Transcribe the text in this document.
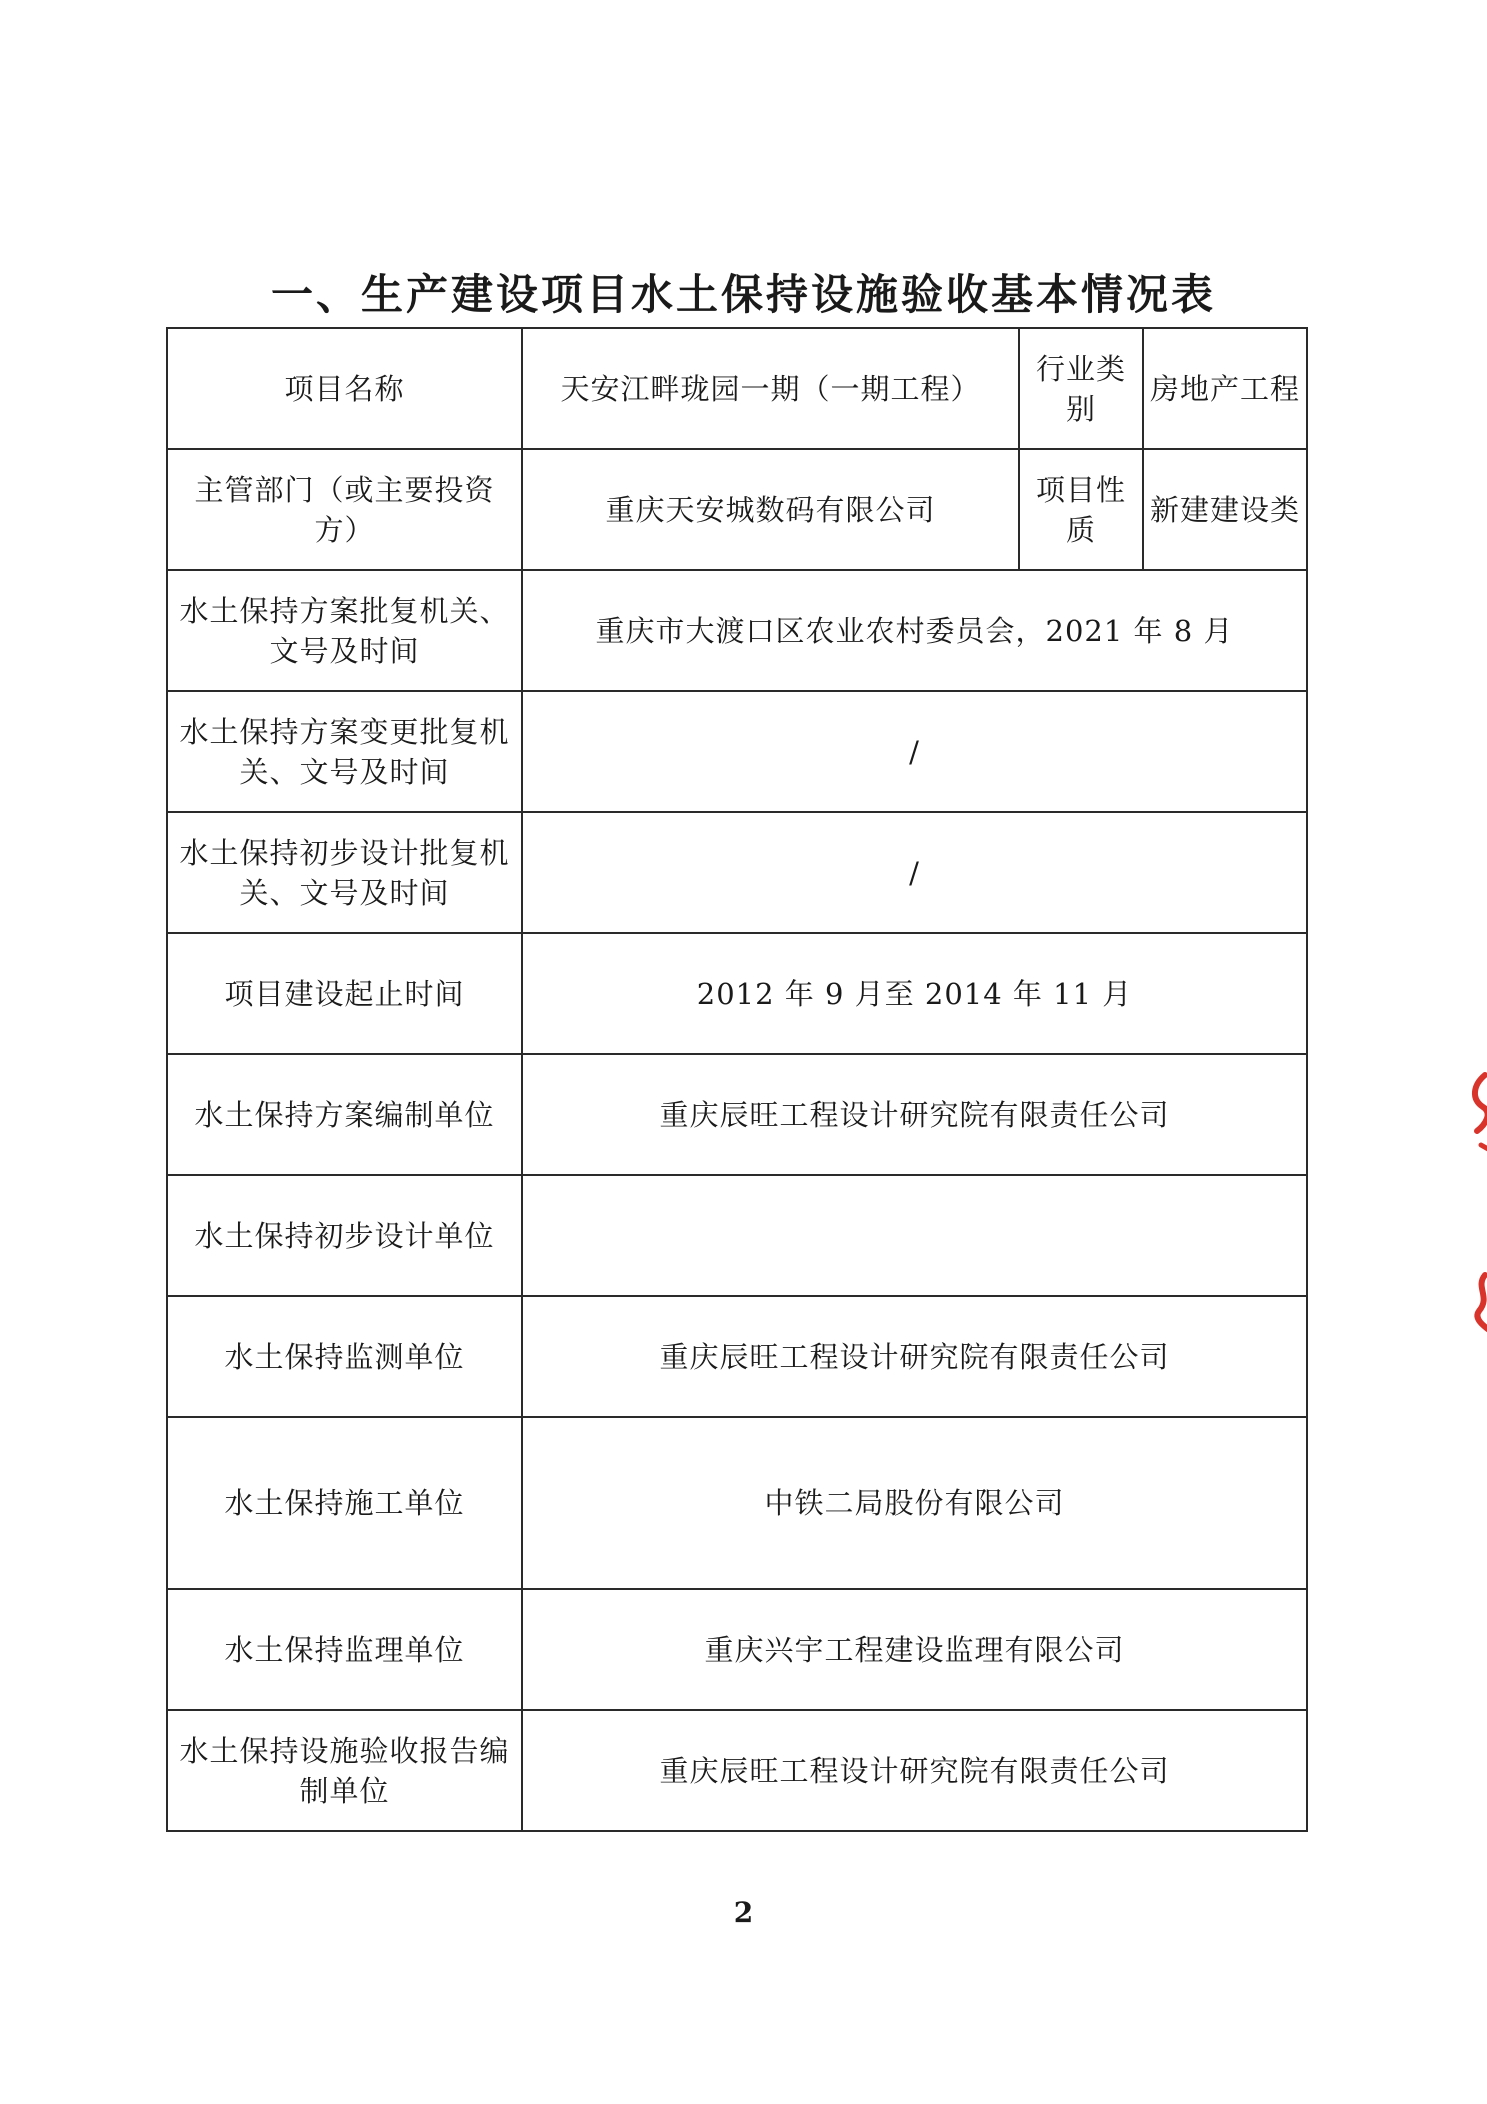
一、生产建设项目水土保持设施验收基本情况表
项目名称	天安江畔珑园一期（一期工程）	行业类别	房地产工程
主管部门（或主要投资方）	重庆天安城数码有限公司	项目性质	新建建设类
水土保持方案批复机关、文号及时间	重庆市大渡口区农业农村委员会，2021 年 8 月		
水土保持方案变更批复机关、文号及时间	/		
水土保持初步设计批复机关、文号及时间	/		
项目建设起止时间	2012 年 9 月至 2014 年 11 月		
水土保持方案编制单位	重庆辰旺工程设计研究院有限责任公司		
水土保持初步设计单位			
水土保持监测单位	重庆辰旺工程设计研究院有限责任公司		
水土保持施工单位	中铁二局股份有限公司		
水土保持监理单位	重庆兴宇工程建设监理有限公司		
水土保持设施验收报告编制单位	重庆辰旺工程设计研究院有限责任公司		
2
